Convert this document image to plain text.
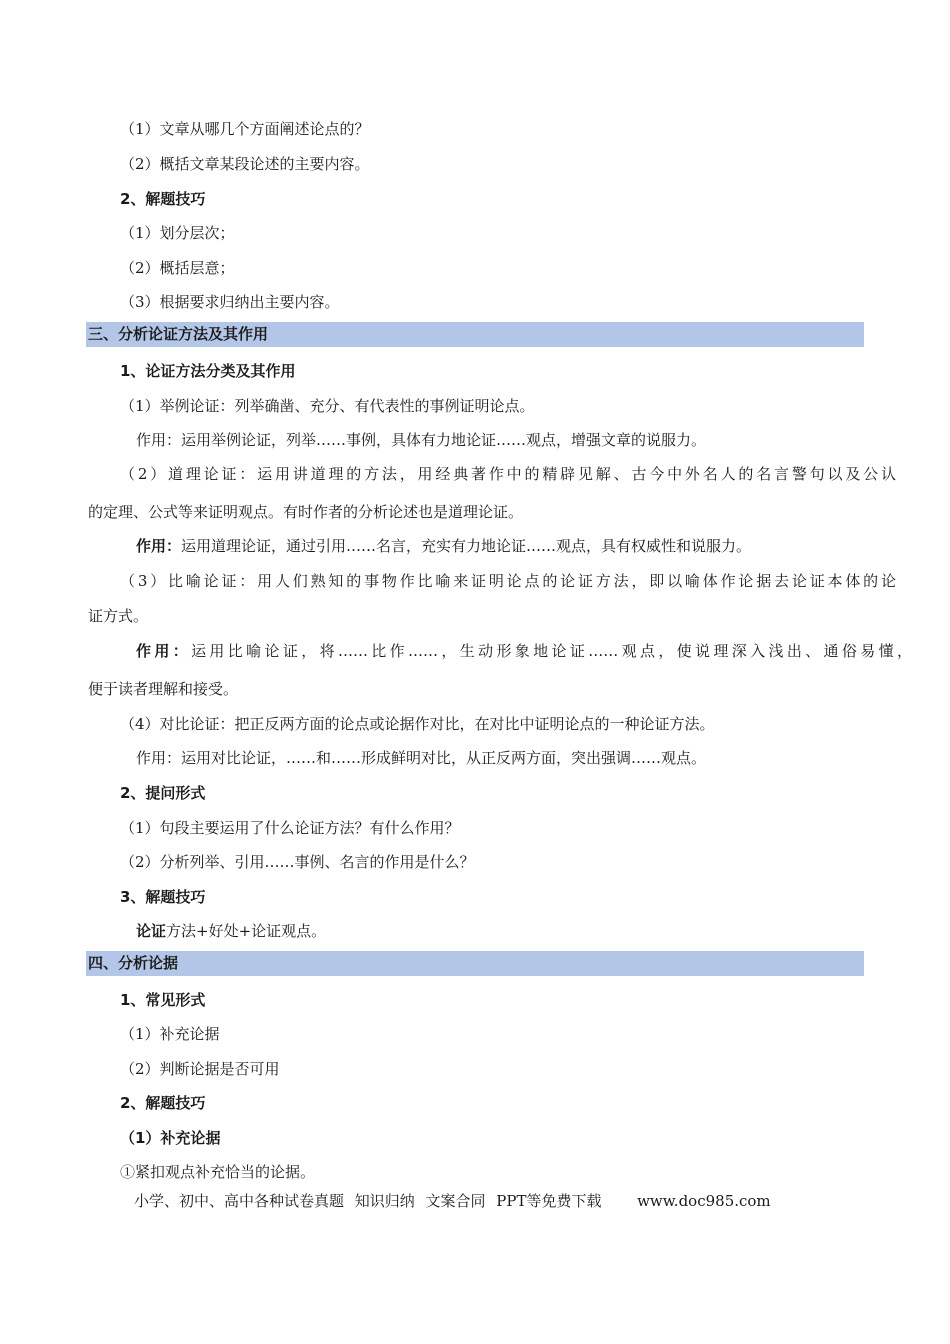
（1）文章从哪几个方面阐述论点的？
（2）概括文章某段论述的主要内容。
2、解题技巧
（1）划分层次；
（2）概括层意；
（3）根据要求归纳出主要内容。
三、分析论证方法及其作用
1、论证方法分类及其作用
（1）举例论证：列举确凿、充分、有代表性的事例证明论点。
作用：运用举例论证，列举……事例，具体有力地论证……观点，增强文章的说服力。
（2）道理论证：运用讲道理的方法，用经典著作中的精辟见解、古今中外名人的名言警句以及公认
的定理、公式等来证明观点。有时作者的分析论述也是道理论证。
作用：运用道理论证，通过引用……名言，充实有力地论证……观点，具有权威性和说服力。
（3）比喻论证：用人们熟知的事物作比喻来证明论点的论证方法，即以喻体作论据去论证本体的论
证方式。
作用：运用比喻论证，将……比作……，生动形象地论证……观点，使说理深入浅出、通俗易懂，
便于读者理解和接受。
（4）对比论证：把正反两方面的论点或论据作对比，在对比中证明论点的一种论证方法。
作用：运用对比论证，……和……形成鲜明对比，从正反两方面，突出强调……观点。
2、提问形式
（1）句段主要运用了什么论证方法？有什么作用？
（2）分析列举、引用……事例、名言的作用是什么？
3、解题技巧
论证方法+好处+论证观点。
四、分析论据
1、常见形式
（1）补充论据
（2）判断论据是否可用
2、解题技巧
（1）补充论据
①紧扣观点补充恰当的论据。
小学、初中、高中各种试卷真题 知识归纳 文案合同 PPT等免费下载 www.doc985.com
